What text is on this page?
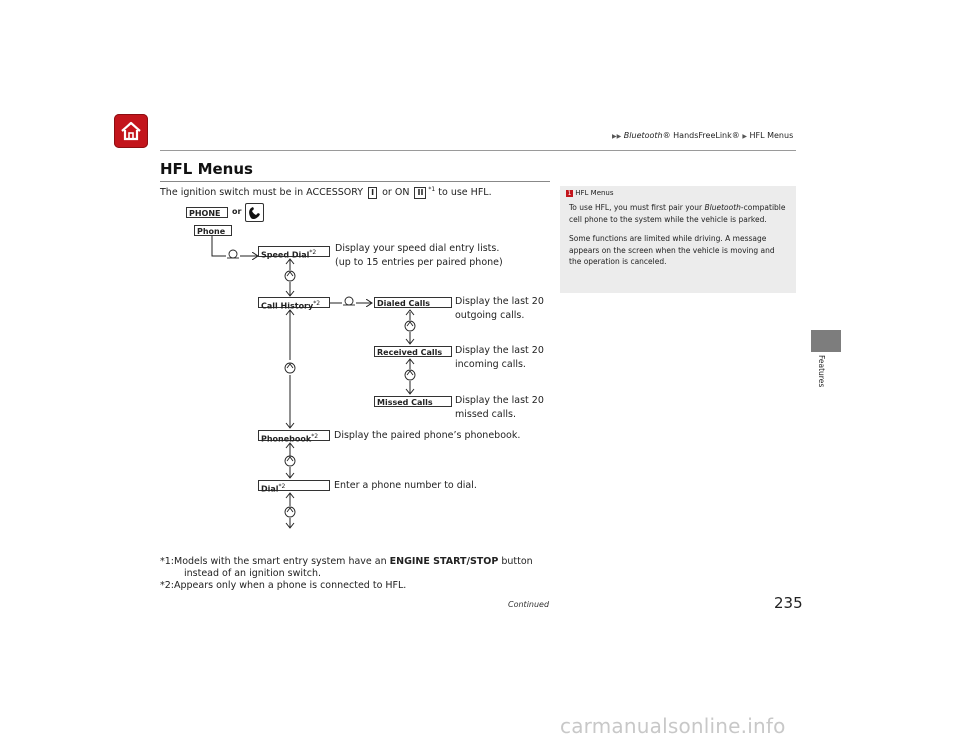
▶▶ Bluetooth® HandsFreeLink® ▶ HFL Menus
HFL Menus
The ignition switch must be in ACCESSORY I or ON II $^{*1}$ to use HFL.
PHONE	or
Phone
Speed Dial$^{*2}$	Display your speed dial entry lists.
(up to 15 entries per paired phone)
Call History$^{*2}$	Dialed Calls	Display the last 20
outgoing calls.
Received Calls	Display the last 20
incoming calls.
Missed Calls	Display the last 20
missed calls.
Phonebook$^{*2}$	Display the paired phone’s phonebook.
Dial$^{*2}$	Enter a phone number to dial.
1 HFL Menus

To use HFL, you must first pair your Bluetooth-compatible cell phone to the system while the vehicle is parked.

Some functions are limited while driving. A message appears on the screen when the vehicle is moving and the operation is canceled.

Features
*1:Models with the smart entry system have an ENGINE START/STOP button
instead of an ignition switch.
*2:Appears only when a phone is connected to HFL.
Continued	235
carmanualsonline.info
